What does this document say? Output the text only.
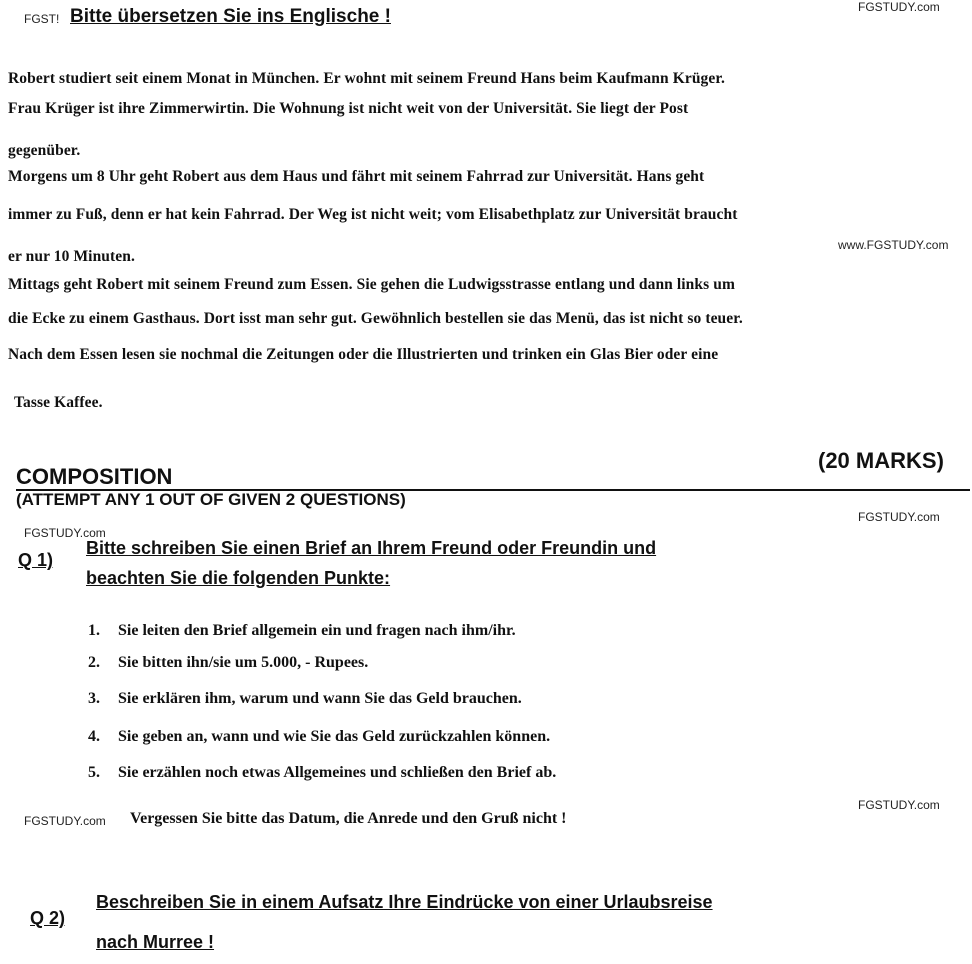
FGST!
FGSTUDY.com
Bitte übersetzen Sie ins Englische !
Robert studiert seit einem Monat in München. Er wohnt mit seinem Freund Hans beim Kaufmann Krüger.
Frau Krüger ist ihre Zimmerwirtin. Die Wohnung ist nicht weit von der Universität. Sie liegt der Post
gegenüber.
Morgens um 8 Uhr geht Robert aus dem Haus und fährt mit seinem Fahrrad zur Universität. Hans geht
immer zu Fuß, denn er hat kein Fahrrad. Der Weg ist nicht weit; vom Elisabethplatz zur Universität braucht
www.FGSTUDY.com
er nur 10 Minuten.
Mittags geht Robert mit seinem Freund zum Essen. Sie gehen die Ludwigsstrasse entlang und dann links um
die Ecke zu einem Gasthaus. Dort isst man sehr gut. Gewöhnlich bestellen sie das Menü, das ist nicht so teuer.
Nach dem Essen lesen sie nochmal die Zeitungen oder die Illustrierten und trinken ein Glas Bier oder eine
Tasse Kaffee.
COMPOSITION
(20 MARKS)
(ATTEMPT ANY 1 OUT OF GIVEN 2 QUESTIONS)
FGSTUDY.com
FGSTUDY.com
Q 1)
Bitte schreiben Sie einen Brief an Ihrem Freund oder Freundin und
beachten Sie die folgenden Punkte:
1. Sie leiten den Brief allgemein ein und fragen nach ihm/ihr.
2. Sie bitten ihn/sie um 5.000, - Rupees.
3. Sie erklären ihm, warum und wann Sie das Geld brauchen.
4. Sie geben an, wann und wie Sie das Geld zurückzahlen können.
5. Sie erzählen noch etwas Allgemeines und schließen den Brief ab.
FGSTUDY.com
FGSTUDY.com
Vergessen Sie bitte das Datum, die Anrede und den Gruß nicht !
Q 2)
Beschreiben Sie in einem Aufsatz Ihre Eindrücke von einer Urlaubsreise
nach Murree !
